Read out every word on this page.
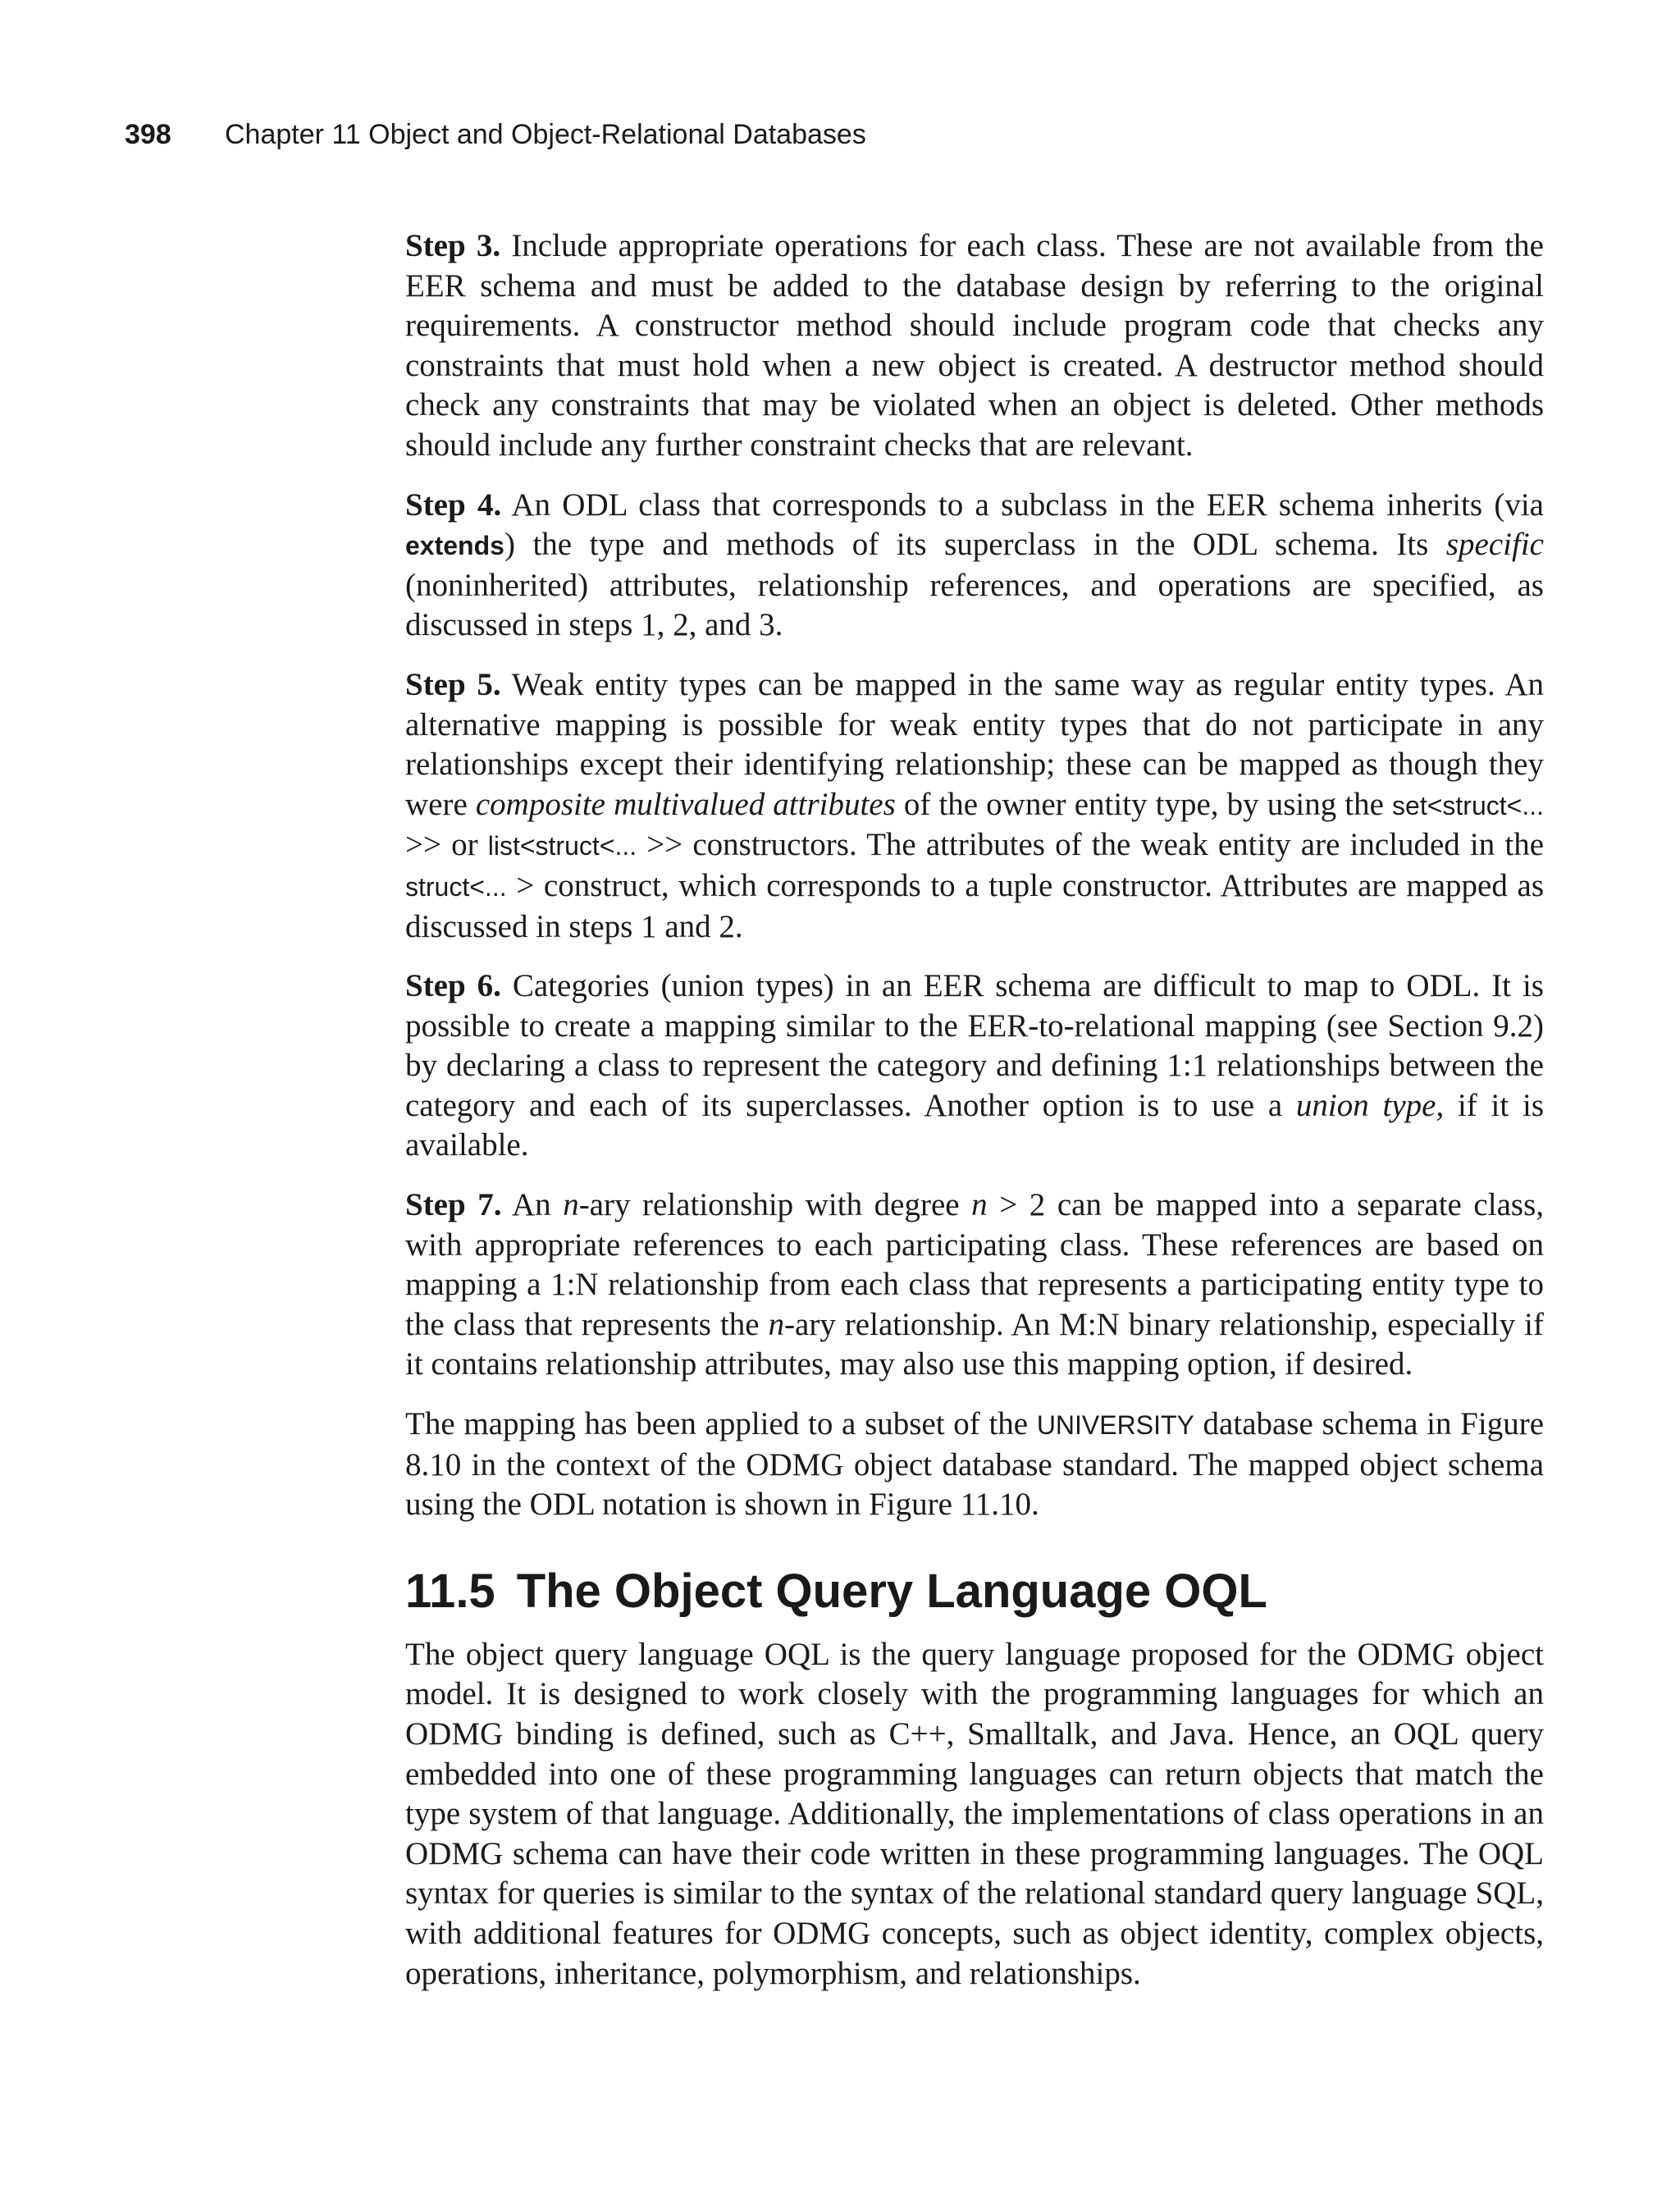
398 Chapter 11 Object and Object-Relational Databases

Step 3. Include appropriate operations for each class. These are not available from the EER schema and must be added to the database design by referring to the original requirements. A constructor method should include program code that checks any constraints that must hold when a new object is created. A destructor method should check any constraints that may be violated when an object is deleted. Other methods should include any further constraint checks that are relevant.

Step 4. An ODL class that corresponds to a subclass in the EER schema inherits (via extends) the type and methods of its superclass in the ODL schema. Its specific (noninherited) attributes, relationship references, and operations are specified, as discussed in steps 1, 2, and 3.

Step 5. Weak entity types can be mapped in the same way as regular entity types. An alternative mapping is possible for weak entity types that do not participate in any relationships except their identifying relationship; these can be mapped as though they were composite multivalued attributes of the owner entity type, by using the set<struct<... >> or list<struct<... >> constructors. The attributes of the weak entity are included in the struct<... > construct, which corresponds to a tuple constructor. Attributes are mapped as discussed in steps 1 and 2.

Step 6. Categories (union types) in an EER schema are difficult to map to ODL. It is possible to create a mapping similar to the EER-to-relational mapping (see Section 9.2) by declaring a class to represent the category and defining 1:1 relationships between the category and each of its superclasses. Another option is to use a union type, if it is available.

Step 7. An n-ary relationship with degree n > 2 can be mapped into a separate class, with appropriate references to each participating class. These references are based on mapping a 1:N relationship from each class that represents a participating entity type to the class that represents the n-ary relationship. An M:N binary relationship, especially if it contains relationship attributes, may also use this mapping option, if desired.

The mapping has been applied to a subset of the UNIVERSITY database schema in Figure 8.10 in the context of the ODMG object database standard. The mapped object schema using the ODL notation is shown in Figure 11.10.

11.5 The Object Query Language OQL

The object query language OQL is the query language proposed for the ODMG object model. It is designed to work closely with the programming languages for which an ODMG binding is defined, such as C++, Smalltalk, and Java. Hence, an OQL query embedded into one of these programming languages can return objects that match the type system of that language. Additionally, the implementations of class operations in an ODMG schema can have their code written in these programming languages. The OQL syntax for queries is similar to the syntax of the relational standard query language SQL, with additional features for ODMG concepts, such as object identity, complex objects, operations, inheritance, polymorphism, and relationships.
